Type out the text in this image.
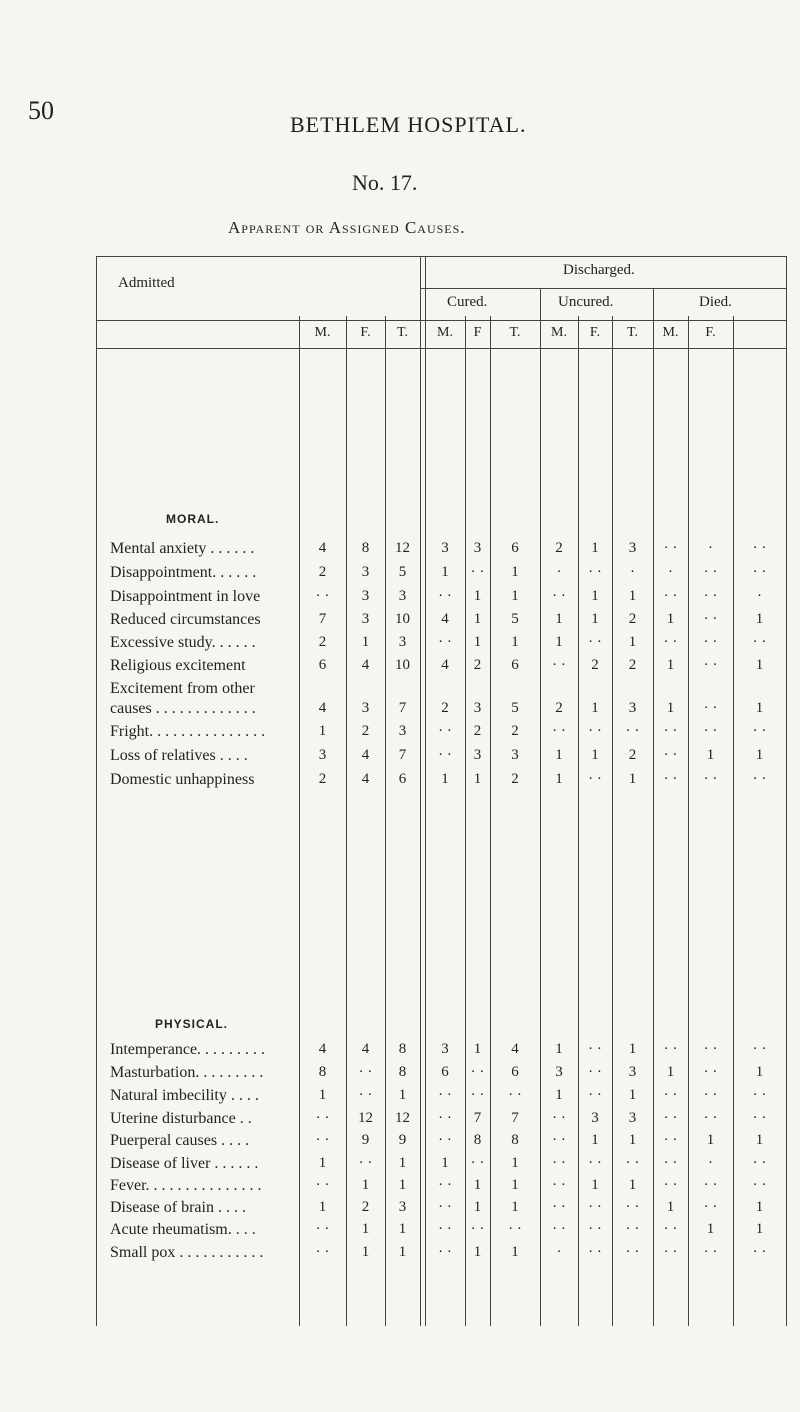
50	BETHLEM HOSPITAL.
No. 17.
Apparent or Assigned Causes.
Admitted
Discharged.
Cured.	Uncured.	Died.
M.	F.	T.	M.	F	T.	M.	F.	T.	M.	F.
MORAL.
PHYSICAL.
Mental anxiety . . . . . .	4	8	12	3	3	6	2	1	3	· ·	·	· ·
Disappointment. . . . . .	2	3	5	1	· ·	1	·	· ·	·	·	· ·	· ·
Disappointment in love	· ·	3	3	· ·	1	1	· ·	1	1	· ·	· ·	·
Reduced circumstances	7	3	10	4	1	5	1	1	2	1	· ·	1
Excessive study. . . . . .	2	1	3	· ·	1	1	1	· ·	1	· ·	· ·	· ·
Religious excitement	6	4	10	4	2	6	· ·	2	2	1	· ·	1
Excitement from other
causes . . . . . . . . . . . . .	4	3	7	2	3	5	2	1	3	1	· ·	1
Fright. . . . . . . . . . . . . . .	1	2	3	· ·	2	2	· ·	· ·	· ·	· ·	· ·	· ·
Loss of relatives . . . .	3	4	7	· ·	3	3	1	1	2	· ·	1	1
Domestic unhappiness	2	4	6	1	1	2	1	· ·	1	· ·	· ·	· ·
Intemperance. . . . . . . . .	4	4	8	3	1	4	1	· ·	1	· ·	· ·	· ·
Masturbation. . . . . . . . .	8	· ·	8	6	· ·	6	3	· ·	3	1	· ·	1
Natural imbecility . . . .	1	· ·	1	· ·	· ·	· ·	1	· ·	1	· ·	· ·	· ·
Uterine disturbance . .	· ·	12	12	· ·	7	7	· ·	3	3	· ·	· ·	· ·
Puerperal causes . . . .	· ·	9	9	· ·	8	8	· ·	1	1	· ·	1	1
Disease of liver . . . . . .	1	· ·	1	1	· ·	1	· ·	· ·	· ·	· ·	·	· ·
Fever. . . . . . . . . . . . . . .	· ·	1	1	· ·	1	1	· ·	1	1	· ·	· ·	· ·
Disease of brain . . . .	1	2	3	· ·	1	1	· ·	· ·	· ·	1	· ·	1
Acute rheumatism. . . .	· ·	1	1	· ·	· ·	· ·	· ·	· ·	· ·	· ·	1	1
Small pox . . . . . . . . . . .	· ·	1	1	· ·	1	1	·	· ·	· ·	· ·	· ·	· ·
